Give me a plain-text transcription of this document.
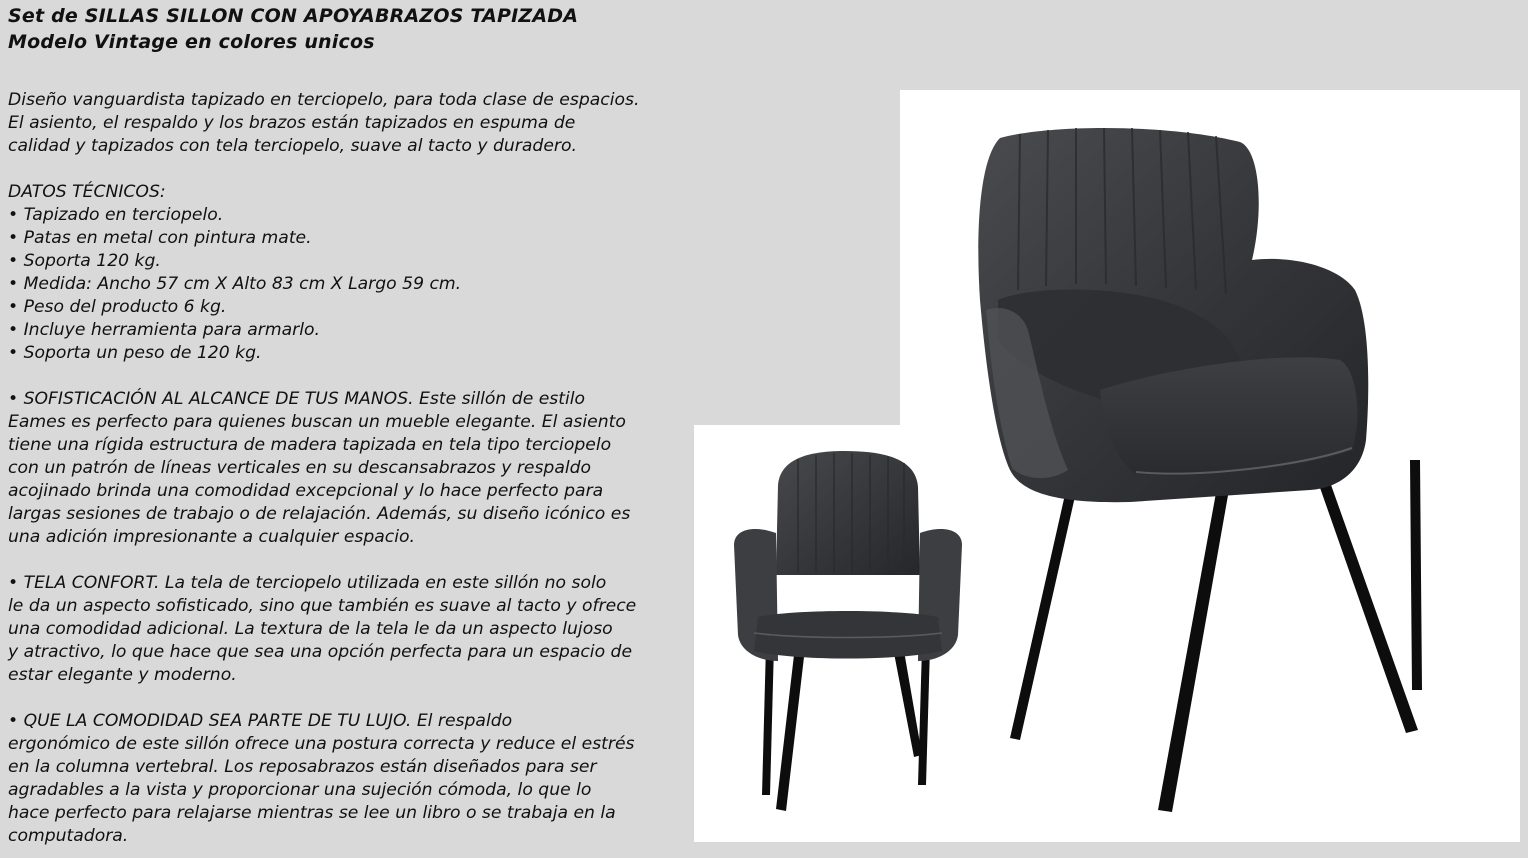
Set de SILLAS SILLON CON APOYABRAZOS TAPIZADA
Modelo Vintage en colores unicos
Diseño vanguardista tapizado en terciopelo, para toda clase de espacios.
El asiento, el respaldo y los brazos están tapizados en espuma de
calidad y tapizados con tela terciopelo, suave al tacto y duradero.
DATOS TÉCNICOS:
• Tapizado en terciopelo.
• Patas en metal con pintura mate.
• Soporta 120 kg.
• Medida: Ancho 57 cm X Alto 83 cm X Largo 59 cm.
• Peso del producto 6 kg.
• Incluye herramienta para armarlo.
• Soporta un peso de 120 kg.
• SOFISTICACIÓN AL ALCANCE DE TUS MANOS. Este sillón de estilo
Eames es perfecto para quienes buscan un mueble elegante. El asiento
tiene una rígida estructura de madera tapizada en tela tipo terciopelo
con un patrón de líneas verticales en su descansabrazos y respaldo
acojinado brinda una comodidad excepcional y lo hace perfecto para
largas sesiones de trabajo o de relajación. Además, su diseño icónico es
una adición impresionante a cualquier espacio.
• TELA CONFORT. La tela de terciopelo utilizada en este sillón no solo
le da un aspecto sofisticado, sino que también es suave al tacto y ofrece
una comodidad adicional. La textura de la tela le da un aspecto lujoso
y atractivo, lo que hace que sea una opción perfecta para un espacio de
estar elegante y moderno.
• QUE LA COMODIDAD SEA PARTE DE TU LUJO. El respaldo
ergonómico de este sillón ofrece una postura correcta y reduce el estrés
en la columna vertebral. Los reposabrazos están diseñados para ser
agradables a la vista y proporcionar una sujeción cómoda, lo que lo
hace perfecto para relajarse mientras se lee un libro o se trabaja en la
computadora.
